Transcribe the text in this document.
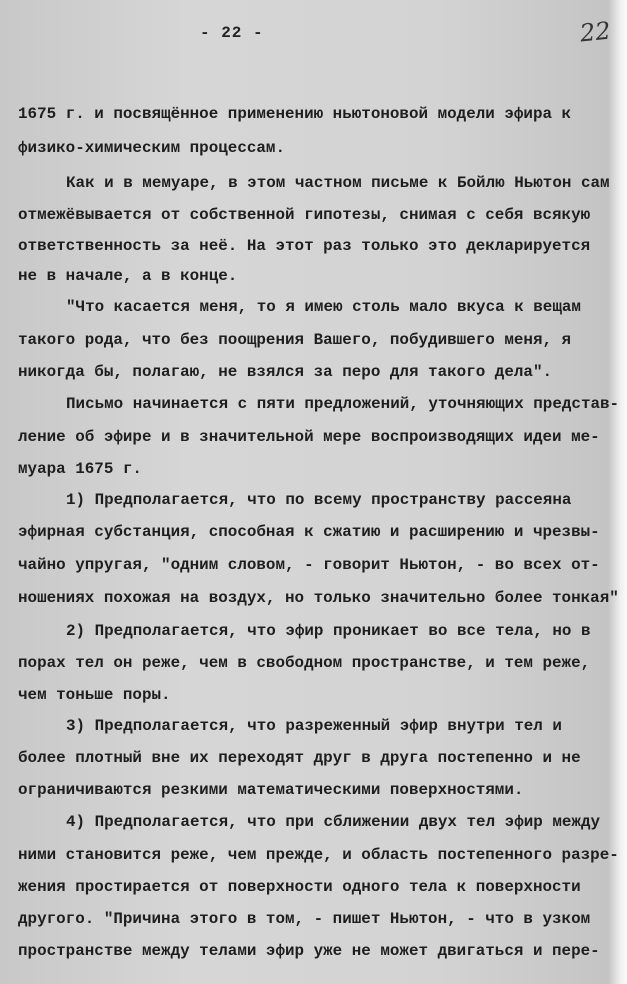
- 22 -	22
1675 г. и посвящённое применению ньютоновой модели эфира к
физико-химическим процессам.
Как и в мемуаре, в этом частном письме к Бойлю Ньютон сам
отмежёвывается от собственной гипотезы, снимая с себя всякую
ответственность за неё. На этот раз только это декларируется
не в начале, а в конце.
"Что касается меня, то я имею столь мало вкуса к вещам
такого рода, что без поощрения Вашего, побудившего меня, я
никогда бы, полагаю, не взялся за перо для такого дела".
Письмо начинается с пяти предложений, уточняющих представ-
ление об эфире и в значительной мере воспроизводящих идеи ме-
муара 1675 г.
1) Предполагается, что по всему пространству рассеяна
эфирная субстанция, способная к сжатию и расширению и чрезвы-
чайно упругая, "одним словом, - говорит Ньютон, - во всех от-
ношениях похожая на воздух, но только значительно более тонкая"
2) Предполагается, что эфир проникает во все тела, но в
порах тел он реже, чем в свободном пространстве, и тем реже,
чем тоньше поры.
3) Предполагается, что разреженный эфир внутри тел и
более плотный вне их переходят друг в друга постепенно и не
ограничиваются резкими математическими поверхностями.
4) Предполагается, что при сближении двух тел эфир между
ними становится реже, чем прежде, и область постепенного разре-
жения простирается от поверхности одного тела к поверхности
другого. "Причина этого в том, - пишет Ньютон, - что в узком
пространстве между телами эфир уже не может двигаться и пере-
